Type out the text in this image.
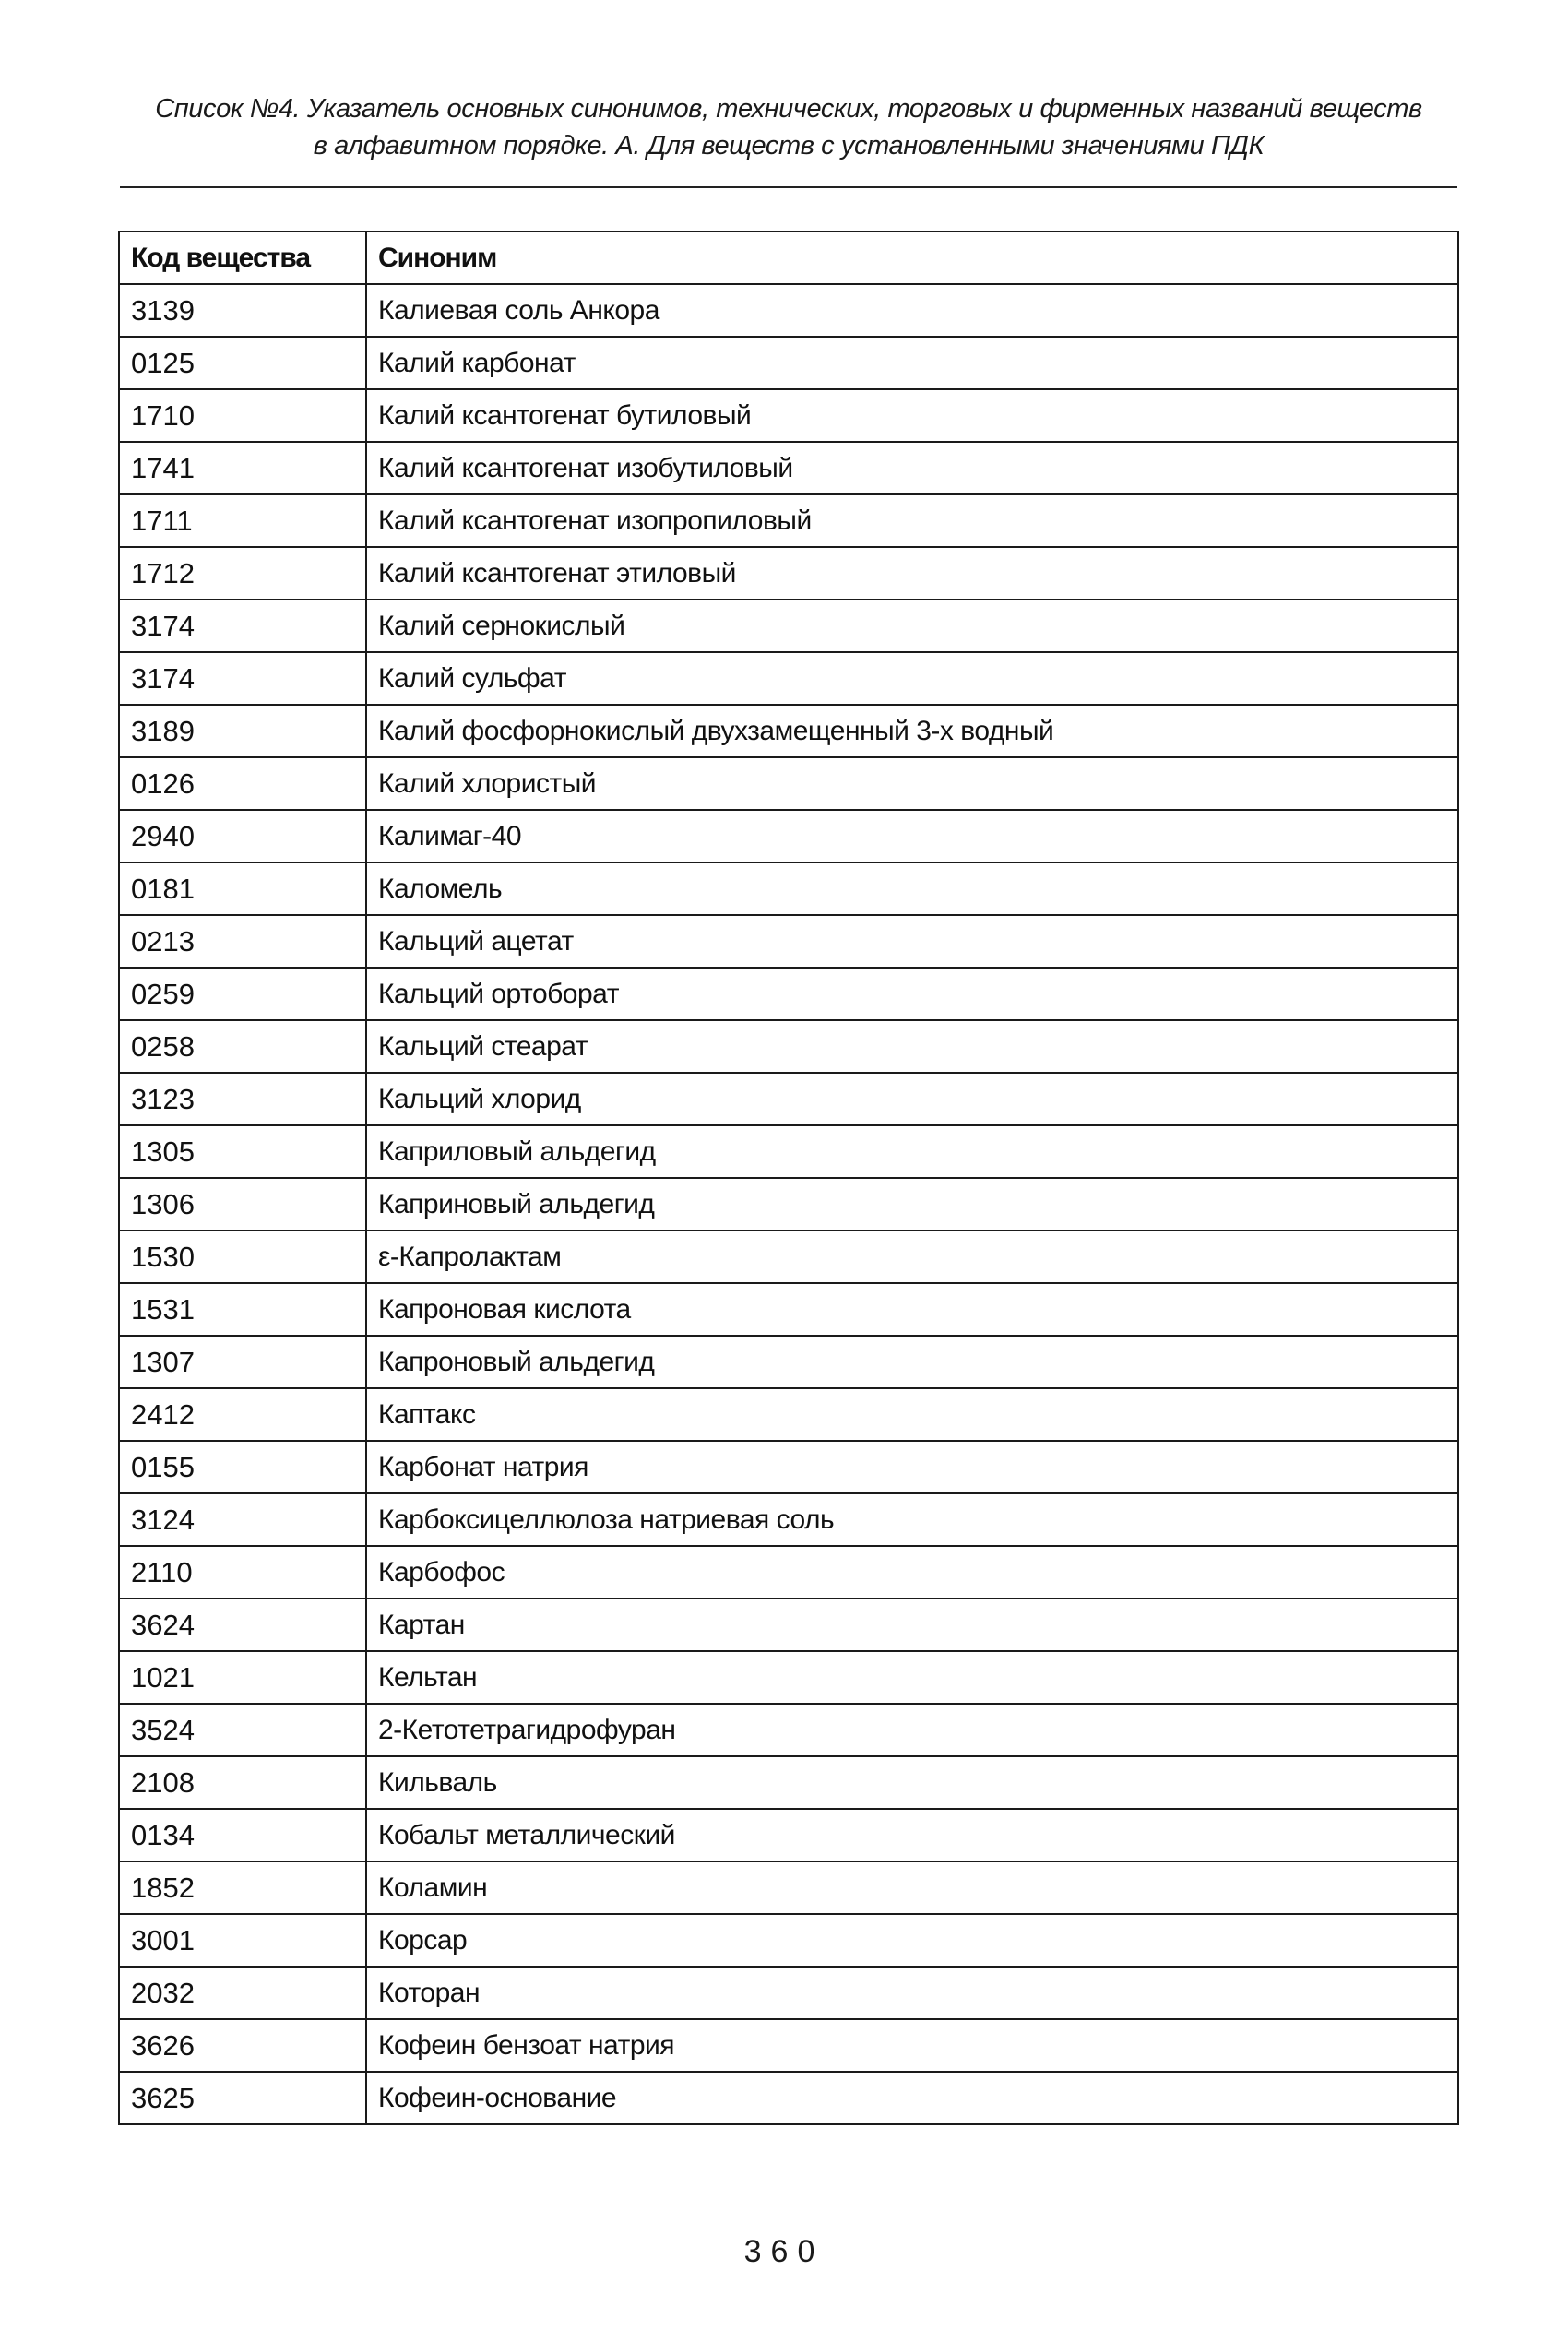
Список №4. Указатель основных синонимов, технических, торговых и фирменных названий веществ
в алфавитном порядке. А. Для веществ с установленными значениями ПДК
Код вещества	Синоним
3139	Калиевая соль Анкора
0125	Калий карбонат
1710	Калий ксантогенат бутиловый
1741	Калий ксантогенат изобутиловый
1711	Калий ксантогенат изопропиловый
1712	Калий ксантогенат этиловый
3174	Калий сернокислый
3174	Калий сульфат
3189	Калий фосфорнокислый двухзамещенный 3-х водный
0126	Калий хлористый
2940	Калимаг-40
0181	Каломель
0213	Кальций ацетат
0259	Кальций ортоборат
0258	Кальций стеарат
3123	Кальций хлорид
1305	Каприловый альдегид
1306	Каприновый альдегид
1530	ε-Капролактам
1531	Капроновая кислота
1307	Капроновый альдегид
2412	Каптакс
0155	Карбонат натрия
3124	Карбоксицеллюлоза натриевая соль
2110	Карбофос
3624	Картан
1021	Кельтан
3524	2-Кетотетрагидрофуран
2108	Кильваль
0134	Кобальт металлический
1852	Коламин
3001	Корсар
2032	Которан
3626	Кофеин бензоат натрия
3625	Кофеин-основание
360
